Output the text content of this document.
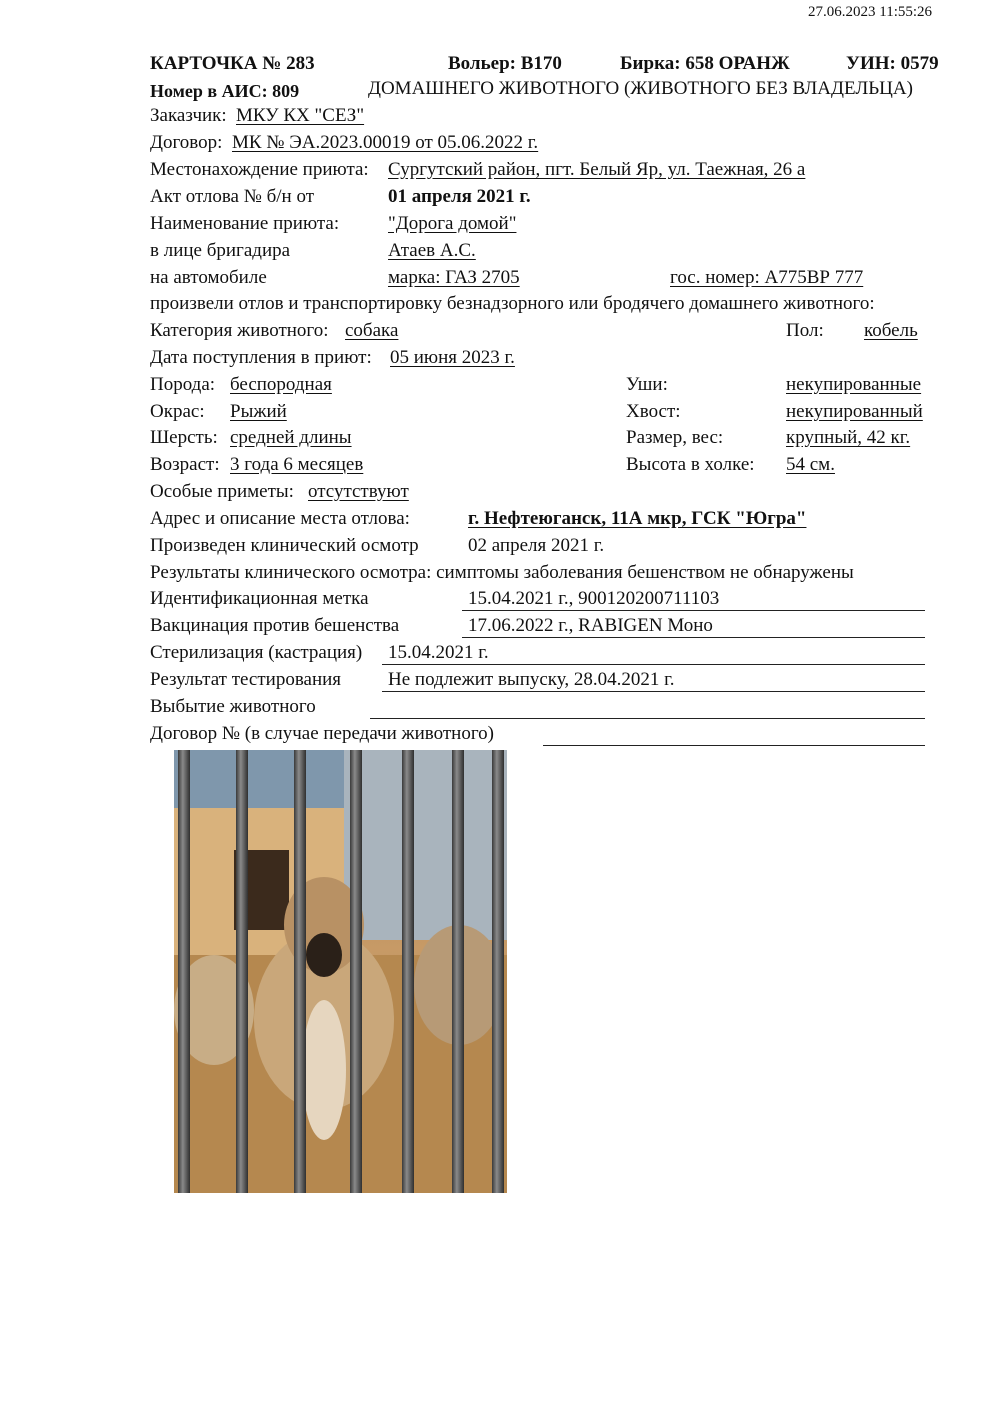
27.06.2023 11:55:26
КАРТОЧКА № 283	Вольер: В170	Бирка: 658 ОРАНЖ	УИН: 0579
Номер в АИС: 809	ДОМАШНЕГО ЖИВОТНОГО (ЖИВОТНОГО БЕЗ ВЛАДЕЛЬЦА)
Заказчик: МКУ КХ "СЕЗ"
Договор: МК № ЭА.2023.00019 от 05.06.2022 г.
Местонахождение приюта: Сургутский район, пгт. Белый Яр, ул. Таежная, 26 а
Акт отлова № б/н от	01 апреля 2021 г.
Наименование приюта:	"Дорога домой"
в лице бригадира	Атаев А.С.
на автомобиле	марка: ГАЗ 2705	гос. номер: А775ВР 777
произвели отлов и транспортировку безнадзорного или бродячего домашнего животного:
Категория животного: собака	Пол: кобель
Дата поступления в приют: 05 июня 2023 г.
Порода: беспородная	Уши:	некупированные
Окрас: Рыжий	Хвост:	некупированный
Шерсть: средней длины	Размер, вес:	крупный, 42 кг.
Возраст: 3 года 6 месяцев	Высота в холке: 54 см.
Особые приметы: отсутствуют
Адрес и описание места отлова:	г. Нефтеюганск, 11А мкр, ГСК "Югра"
Произведен клинический осмотр	02 апреля 2021 г.
Результаты клинического осмотра: симптомы заболевания бешенством не обнаружены
Идентификационная метка	15.04.2021 г., 900120200711103
Вакцинация против бешенства	17.06.2022 г., RABIGEN Моно
Стерилизация (кастрация) 15.04.2021 г.
Результат тестирования Не подлежит выпуску, 28.04.2021 г.
Выбытие животного
Договор № (в случае передачи животного)
